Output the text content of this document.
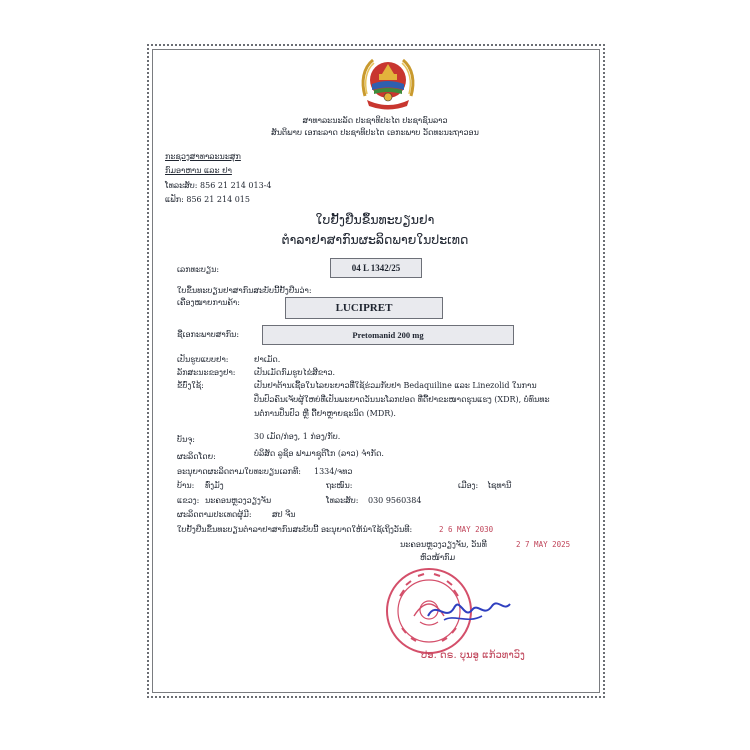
ສາທາລະນະລັດ ປະຊາທິປະໄຕ ປະຊາຊົນລາວ
ສັນຕິພາບ ເອກະລາດ ປະຊາທິປະໄຕ ເອກະພາບ ວັດທະນະຖາວອນ
ກະຊວງສາທາລະນະສຸກ
ກົມອາຫານ ແລະ ຢາ
ໂທລະສັບ: 856 21 214 013-4
ແຟັກ: 856 21 214 015
ໃບຢັ້ງຢືນຂຶ້ນທະບຽນຢາ
ຕຳລາຢາສາກົນຜະລິດພາຍໃນປະເທດ
ເລກທະບຽນ:	04 L 1342/25
ໃບຂຶ້ນທະບຽນຢາສາກົນສະບັບນີ້ຢັ້ງຢືນວ່າ:
ເຄື່ອງໝາຍການຄ້າ:	LUCIPRET
ຊື່ເອກະພາບສາກົນ:	Pretomanid 200 mg
ເປັນຮູບແບບຢາ:	ຢາເມັດ.
ລັກສະນະຂອງຢາ: ເປັນເມັດກົມຮູບໄຂ່ສີຂາວ.
ຂໍ້ບົ່ງໃຊ້:	ເປັນຢາຕ້ານເຊື້ອໃນໄລຍະຍາວທີ່ໃຊ້ຮ່ວມກັບຢາ Bedaquiline ແລະ Linezolid ໃນການ
ປິ່ນປົວຄົນເຈັບຜູ້ໃຫຍ່ທີ່ເປັນພະຍາດວັນນະໂລກປອດ ທີ່ດື້ຢາຂະໜາດຮຸນແຮງ (XDR), ບໍ່ທົນທະ
ນຕໍ່ການປິ່ນປົວ ຫຼື ດື້ຢາຫຼາຍຊະນິດ (MDR).
ບັນຈຸ:	30 ເມັດ/ກ່ອງ, 1 ກ່ອງ/ກັບ.
ຜະລິດໂດຍ:	ບໍລິສັດ ລູຊິອ ຟາມາຊູຕິໂກ (ລາວ) ຈຳກັດ.
ອະນຸຍາດຜະລິດຕາມໃບທະບຽນເລກທີ: 1334/ຈທວ
ບ້ານ: ທົ່ງມັງ	ຖະໜົນ:	ເມືອງ: ໄຊທານີ
ແຂວງ: ນະຄອນຫຼວງວຽງຈັນ	ໂທລະສັບ: 030 9560384
ຜະລິດຕາມປະເທດຜູ້ມີ:	ສປ ຈີນ
ໃບຢັ້ງຢືນຂຶ້ນທະບຽນຕຳລາຢາສາກົນສະບັບນີ້ ອະນຸຍາດໃຫ້ນຳໃຊ້ເຖິງວັນທີ:	2 6 MAY 2030
ນະຄອນຫຼວງວຽງຈັນ, ວັນທີ	2 7 MAY 2025
ຫົວໜ້າກົມ
ປອ. ດຣ. ບຸນອູ ແກ້ວທາວົງ
